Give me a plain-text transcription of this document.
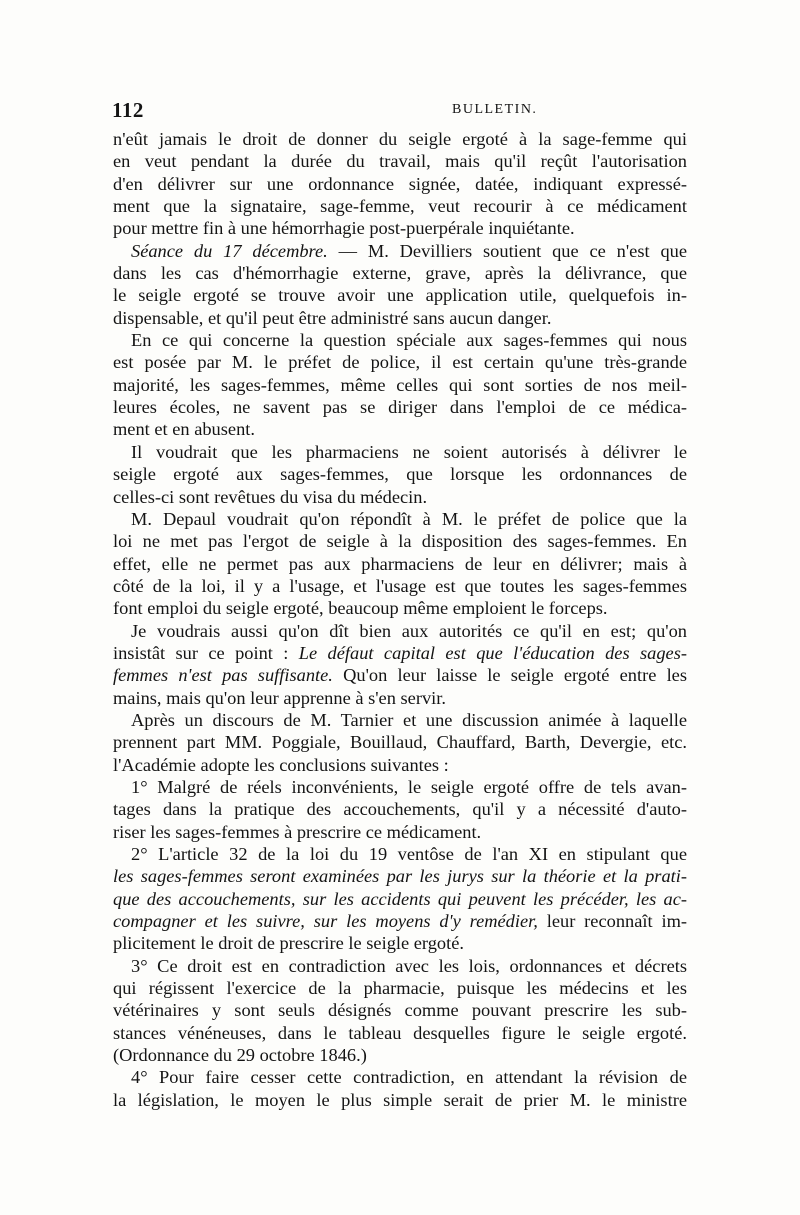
112	BULLETIN.
n'eût jamais le droit de donner du seigle ergoté à la sage-femme qui
en veut pendant la durée du travail, mais qu'il reçût l'autorisation
d'en délivrer sur une ordonnance signée, datée, indiquant expressé-
ment que la signataire, sage-femme, veut recourir à ce médicament
pour mettre fin à une hémorrhagie post-puerpérale inquiétante.
Séance du 17 décembre. — M. Devilliers soutient que ce n'est que
dans les cas d'hémorrhagie externe, grave, après la délivrance, que
le seigle ergoté se trouve avoir une application utile, quelquefois in-
dispensable, et qu'il peut être administré sans aucun danger.
En ce qui concerne la question spéciale aux sages-femmes qui nous
est posée par M. le préfet de police, il est certain qu'une très-grande
majorité, les sages-femmes, même celles qui sont sorties de nos meil-
leures écoles, ne savent pas se diriger dans l'emploi de ce médica-
ment et en abusent.
Il voudrait que les pharmaciens ne soient autorisés à délivrer le
seigle ergoté aux sages-femmes, que lorsque les ordonnances de
celles-ci sont revêtues du visa du médecin.
M. Depaul voudrait qu'on répondît à M. le préfet de police que la
loi ne met pas l'ergot de seigle à la disposition des sages-femmes. En
effet, elle ne permet pas aux pharmaciens de leur en délivrer; mais à
côté de la loi, il y a l'usage, et l'usage est que toutes les sages-femmes
font emploi du seigle ergoté, beaucoup même emploient le forceps.
Je voudrais aussi qu'on dît bien aux autorités ce qu'il en est; qu'on
insistât sur ce point : Le défaut capital est que l'éducation des sages-
femmes n'est pas suffisante. Qu'on leur laisse le seigle ergoté entre les
mains, mais qu'on leur apprenne à s'en servir.
Après un discours de M. Tarnier et une discussion animée à laquelle
prennent part MM. Poggiale, Bouillaud, Chauffard, Barth, Devergie, etc.
l'Académie adopte les conclusions suivantes :
1° Malgré de réels inconvénients, le seigle ergoté offre de tels avan-
tages dans la pratique des accouchements, qu'il y a nécessité d'auto-
riser les sages-femmes à prescrire ce médicament.
2° L'article 32 de la loi du 19 ventôse de l'an XI en stipulant que
les sages-femmes seront examinées par les jurys sur la théorie et la prati-
que des accouchements, sur les accidents qui peuvent les précéder, les ac-
compagner et les suivre, sur les moyens d'y remédier, leur reconnaît im-
plicitement le droit de prescrire le seigle ergoté.
3° Ce droit est en contradiction avec les lois, ordonnances et décrets
qui régissent l'exercice de la pharmacie, puisque les médecins et les
vétérinaires y sont seuls désignés comme pouvant prescrire les sub-
stances vénéneuses, dans le tableau desquelles figure le seigle ergoté.
(Ordonnance du 29 octobre 1846.)
4° Pour faire cesser cette contradiction, en attendant la révision de
la législation, le moyen le plus simple serait de prier M. le ministre
